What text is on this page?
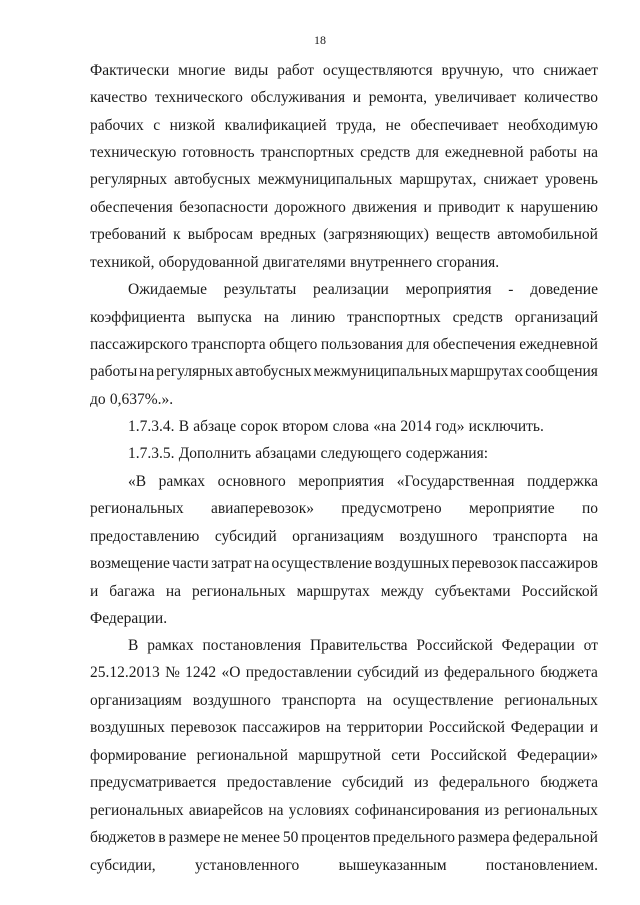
18
Фактически многие виды работ осуществляются вручную, что снижает
качество технического обслуживания и ремонта, увеличивает количество
рабочих с низкой квалификацией труда, не обеспечивает необходимую
техническую готовность транспортных средств для ежедневной работы на
регулярных автобусных межмуниципальных маршрутах, снижает уровень
обеспечения безопасности дорожного движения и приводит к нарушению
требований к выбросам вредных (загрязняющих) веществ автомобильной
техникой, оборудованной двигателями внутреннего сгорания.
Ожидаемые результаты реализации мероприятия - доведение
коэффициента выпуска на линию транспортных средств организаций
пассажирского транспорта общего пользования для обеспечения ежедневной
работы на регулярных автобусных межмуниципальных маршрутах сообщения
до 0,637%.».
1.7.3.4. В абзаце сорок втором слова «на 2014 год» исключить.
1.7.3.5. Дополнить абзацами следующего содержания:
«В рамках основного мероприятия «Государственная поддержка
региональных авиаперевозок» предусмотрено мероприятие по
предоставлению субсидий организациям воздушного транспорта на
возмещение части затрат на осуществление воздушных перевозок пассажиров
и багажа на региональных маршрутах между субъектами Российской
Федерации.
В рамках постановления Правительства Российской Федерации от
25.12.2013 № 1242 «О предоставлении субсидий из федерального бюджета
организациям воздушного транспорта на осуществление региональных
воздушных перевозок пассажиров на территории Российской Федерации и
формирование региональной маршрутной сети Российской Федерации»
предусматривается предоставление субсидий из федерального бюджета
региональных авиарейсов на условиях софинансирования из региональных
бюджетов в размере не менее 50 процентов предельного размера федеральной
субсидии,	установленного	вышеуказанным	постановлением.
